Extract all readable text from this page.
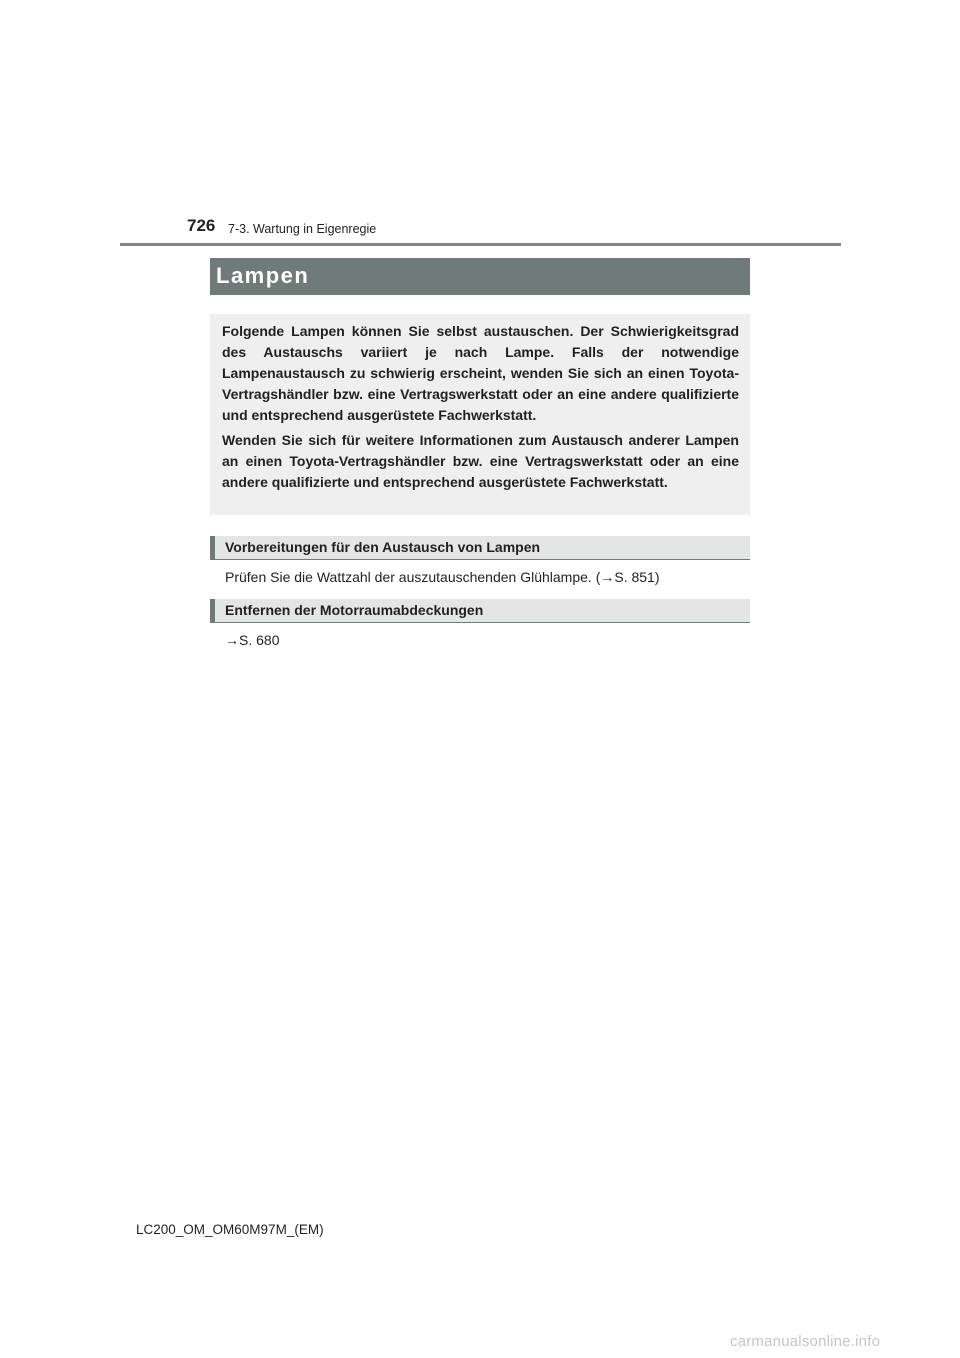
726 7-3. Wartung in Eigenregie
Lampen

Folgende Lampen können Sie selbst austauschen. Der Schwierigkeitsgrad des Austauschs variiert je nach Lampe. Falls der notwendige Lampenaustausch zu schwierig erscheint, wenden Sie sich an einen Toyota-Vertragshändler bzw. eine Vertragswerkstatt oder an eine andere qualifizierte und entsprechend ausgerüstete Fachwerkstatt.

Wenden Sie sich für weitere Informationen zum Austausch anderer Lampen an einen Toyota-Vertragshändler bzw. eine Vertragswerkstatt oder an eine andere qualifizierte und entsprechend ausgerüstete Fachwerkstatt.

Vorbereitungen für den Austausch von Lampen
Prüfen Sie die Wattzahl der auszutauschenden Glühlampe. (→S. 851)
Entfernen der Motorraumabdeckungen
→S. 680
LC200_OM_OM60M97M_(EM)
carmanualsonline.info
